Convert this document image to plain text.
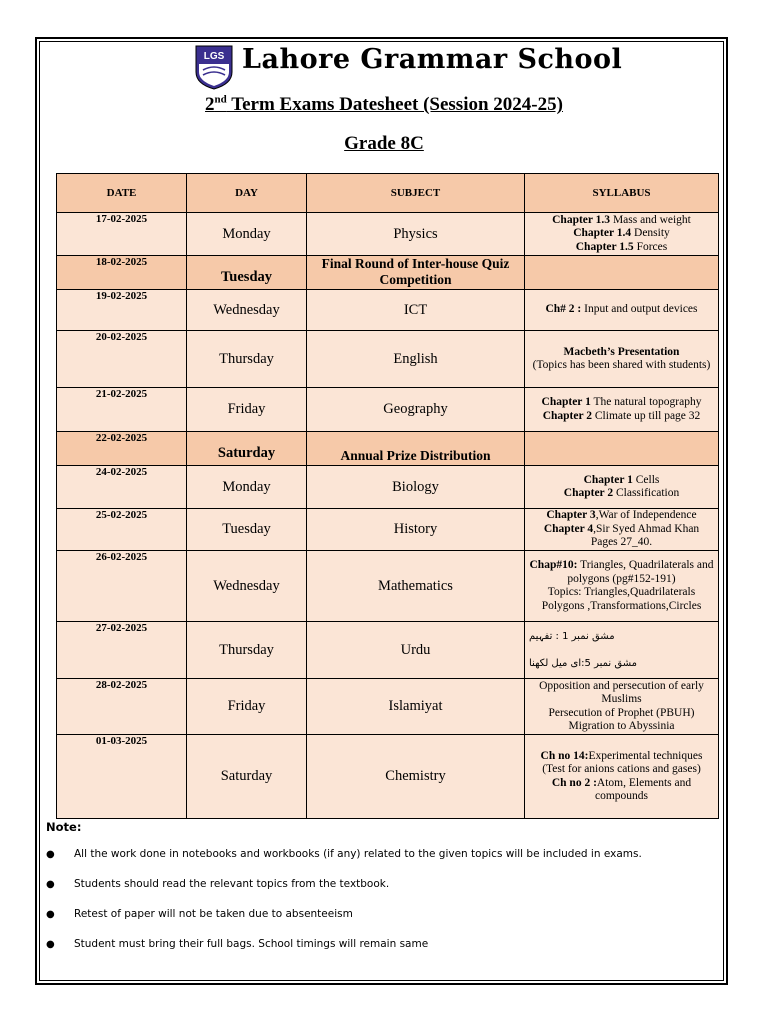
LGS Lahore Grammar School
2nd Term Exams Datesheet (Session 2024-25)
Grade 8C
DATE	DAY	SUBJECT	SYLLABUS
17-02-2025	Monday	Physics	Chapter 1.3 Mass and weight
Chapter 1.4 Density
Chapter 1.5 Forces

18-02-2025	Tuesday	Final Round of Inter-house Quiz Competition	
19-02-2025	Wednesday	ICT	Ch# 2 : Input and output devices

20-02-2025	Thursday	English	Macbeth’s Presentation
(Topics has been shared with students)

21-02-2025	Friday	Geography	Chapter 1 The natural topography
Chapter 2 Climate up till page 32

22-02-2025	Saturday	Annual Prize Distribution	
24-02-2025	Monday	Biology	Chapter 1 Cells
Chapter 2 Classification

25-02-2025	Tuesday	History	Chapter 3,War of Independence
Chapter 4,Sir Syed Ahmad Khan
Pages 27_40.

26-02-2025	Wednesday	Mathematics	Chap#10: Triangles, Quadrilaterals and polygons (pg#152-191)
Topics: Triangles,Quadrilaterals Polygons ,Transformations,Circles

27-02-2025	Thursday	Urdu	مشق نمبر 1 : تفہیم
مشق نمبر 5:ای میل لکھنا

28-02-2025	Friday	Islamiyat	Opposition and persecution of early Muslims
Persecution of Prophet (PBUH)
Migration to Abyssinia

01-03-2025	Saturday	Chemistry	Ch no 14:Experimental techniques (Test for anions cations and gases)
Ch no 2 :Atom, Elements and compounds
Note:
● All the work done in notebooks and workbooks (if any) related to the given topics will be included in exams.
● Students should read the relevant topics from the textbook.
● Retest of paper will not be taken due to absenteeism
● Student must bring their full bags. School timings will remain same
